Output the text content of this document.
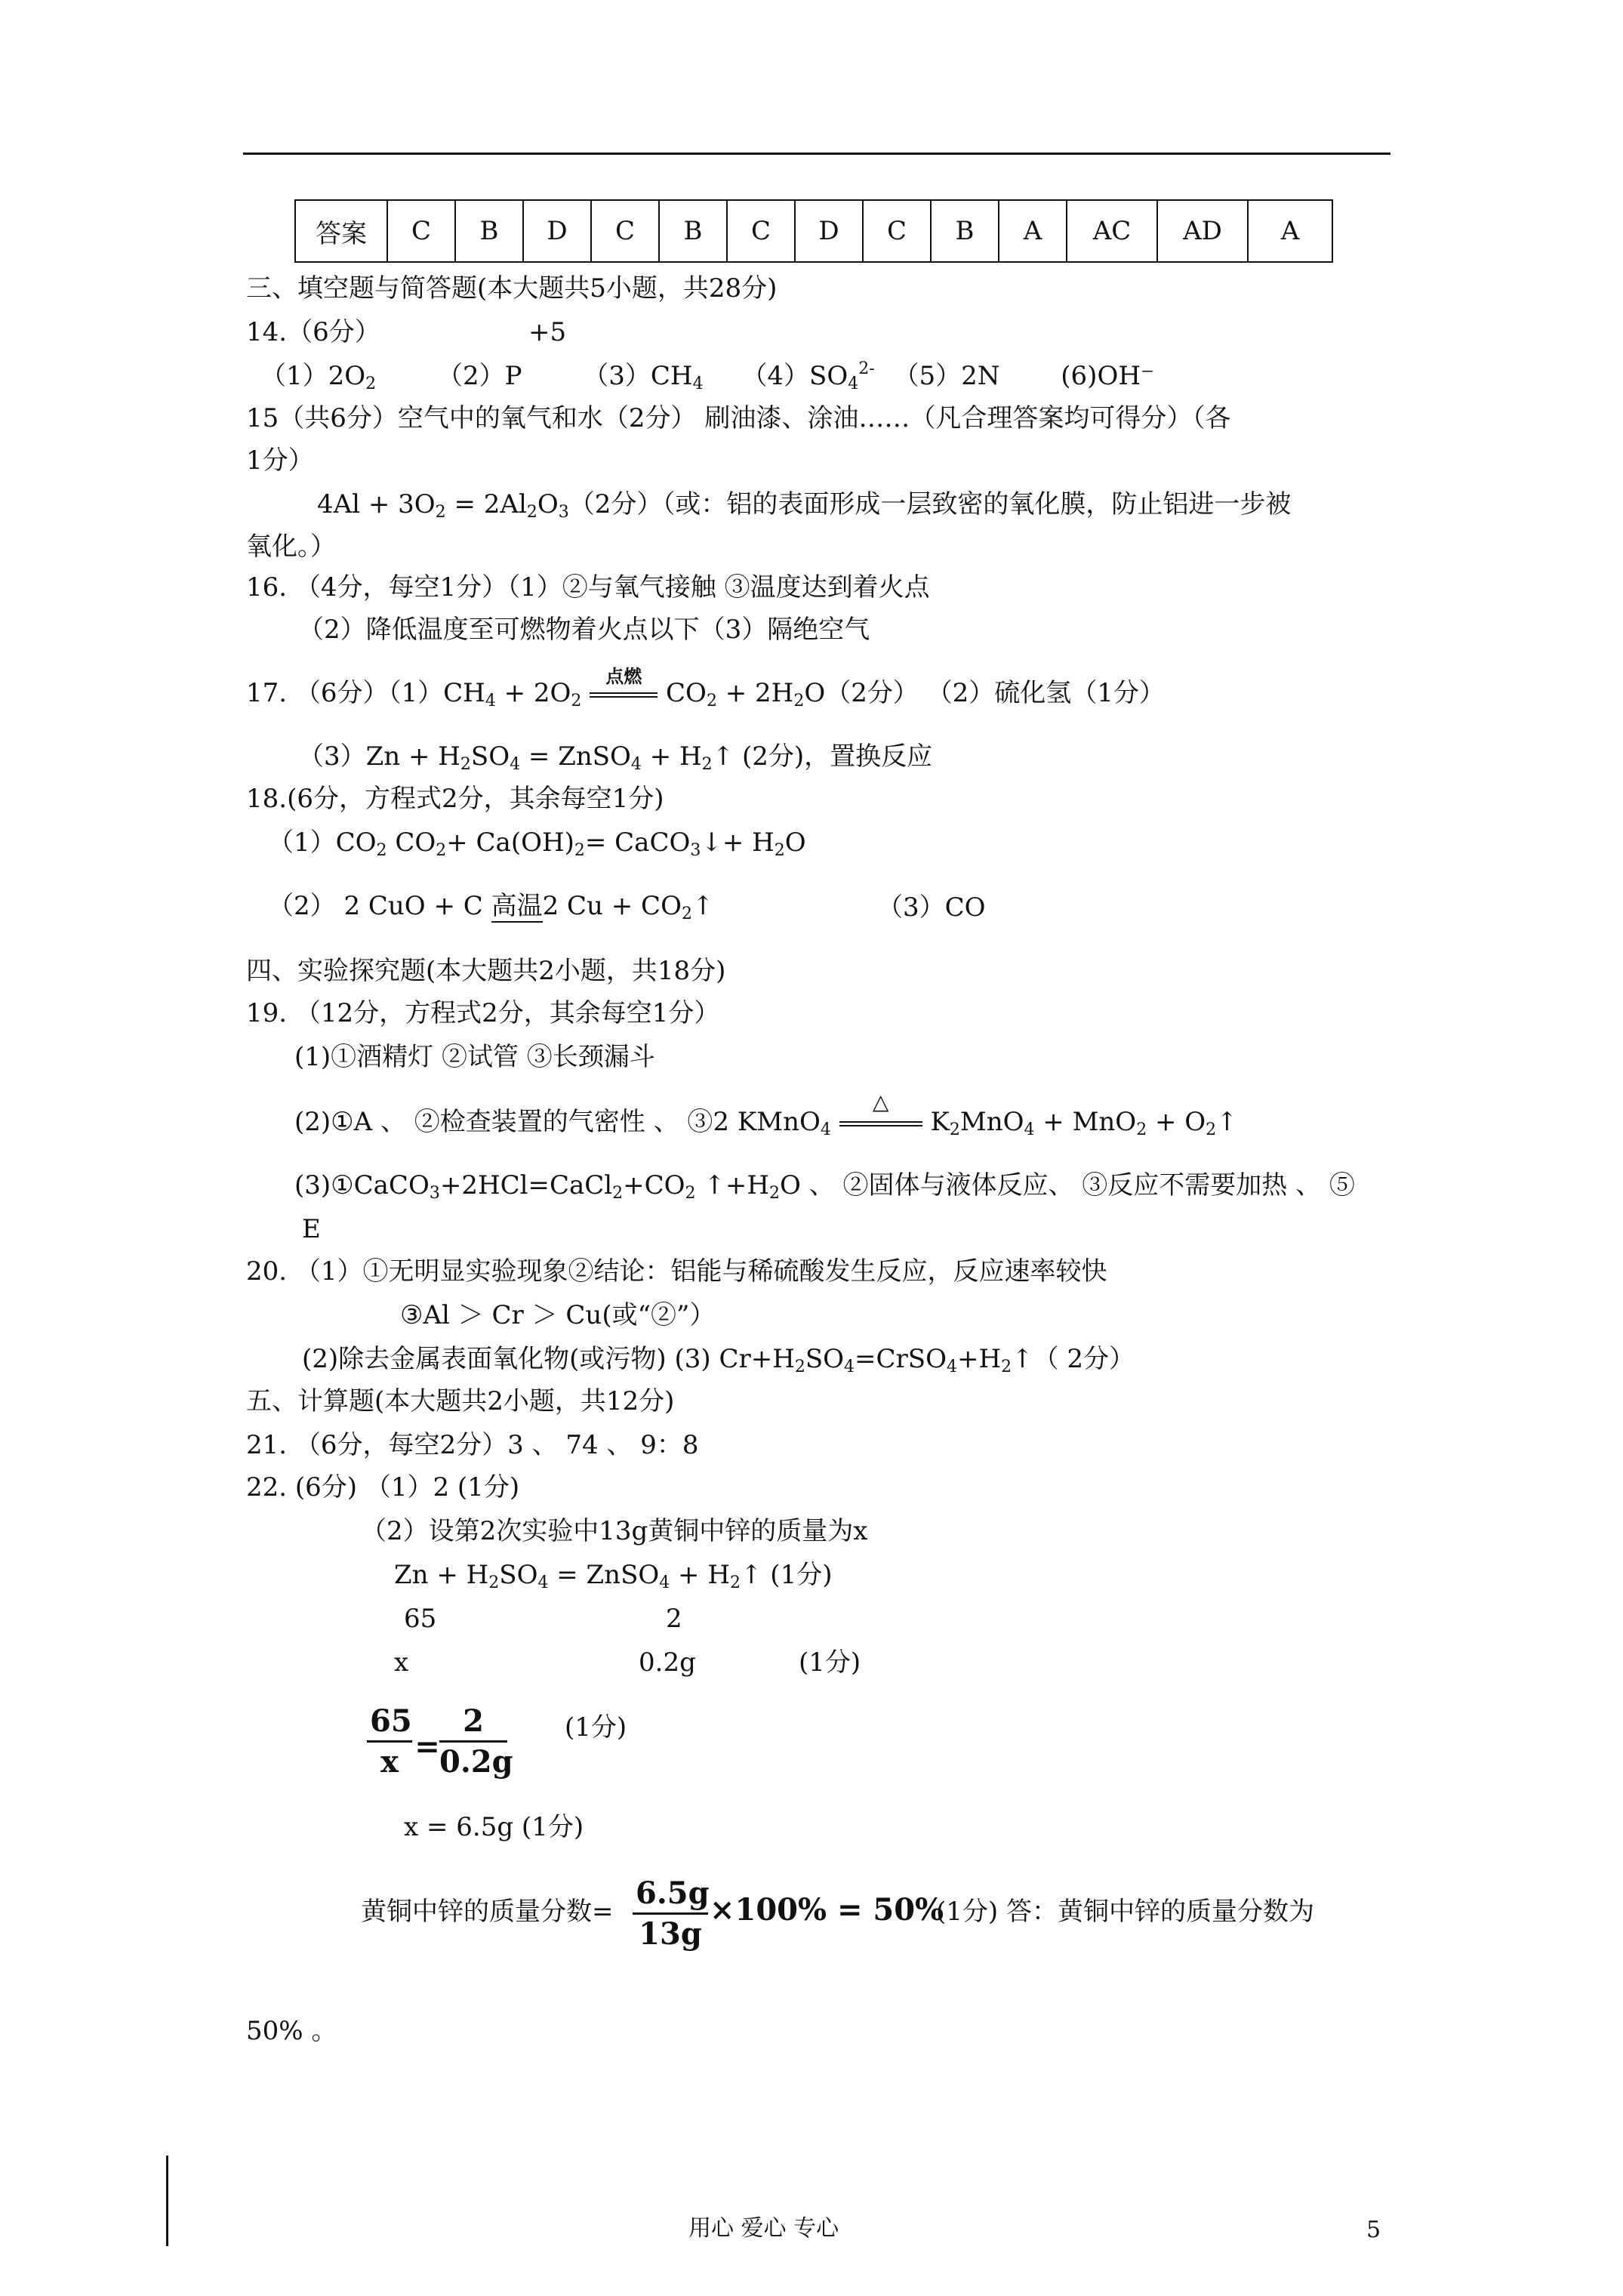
答案	C	B	D	C	B	C	D	C	B	A	AC	AD	A
三、填空题与简答题(本大题共5小题，共28分)
14.（6分）	+5
$(1)2O_2$ （2）P $(3)CH_4$ $(4)SO_4^{2-}$ （5）2N (6)OH⁻
15（共6分）空气中的氧气和水（2分） 刷油漆、涂油……（凡合理答案均可得分）（各
1分）
$4Al + 3O_2 = 2Al_2O_3(2$分）（或：铝的表面形成一层致密的氧化膜，防止铝进一步被
氧化。）
16. （4分，每空1分）（1）②与氧气接触 ③温度达到着火点
（2）降低温度至可燃物着火点以下（3）隔绝空气
17. （6分）$(1)CH_4 + 2O_2$
点燃
$CO_2 + 2H_2O(2$分） （2）硫化氢（1分）
$(3)Zn + H_2SO_4$ = ZnSO$_4$ + $H_2↑$ (2分)，置换反应
18.(6分，方程式2分，其余每空1分)
$(1)CO_2$ $CO_2+ Ca(OH)_2=$ CaCO$_3$↓+ $H_2O$
（2） 2 CuO + C 高温2 $Cu + CO_2↑$	（3）CO
四、实验探究题(本大题共2小题，共18分)
19. （12分，方程式2分，其余每空1分）
(1)①酒精灯 ②试管 ③长颈漏斗
(2)①A 、 ②检查装置的气密性 、 ③2 KMnO$_4$
△
$K_2MnO_4 + MnO_2$ + $O_2↑$
$(3)①CaCO_3+2HCl=CaCl_2+CO_2$ $↑+H_2O$ 、 ②固体与液体反应、 ③反应不需要加热 、 ⑤
E
20. （1）①无明显实验现象②结论：铝能与稀硫酸发生反应，反应速率较快
③Al ＞ Cr ＞ Cu(或“②”）
(2)除去金属表面氧化物(或污物) (3) $Cr+H_2SO_4=CrSO_4+H_2↑$（ 2分）
五、计算题(本大题共2小题，共12分)
21. （6分，每空2分）3 、 74 、 9：8
22. (6分) （1）2 (1分)
（2）设第2次实验中13g黄铜中锌的质量为x
$Zn + H_2SO_4$ = ZnSO$_4$ + $H_2↑$ (1分)
65	2
x	0.2g	(1分)
$\frac{65}{x} = \frac{2}{0.2g} (1$分)
x = 6.5g (1分)
黄铜中锌的质量分数= $\frac{6.5g}{13g} \times 100\% = 50\%$
(1分) 答：黄铜中锌的质量分数为
50% 。
用心 爱心 专心	5
